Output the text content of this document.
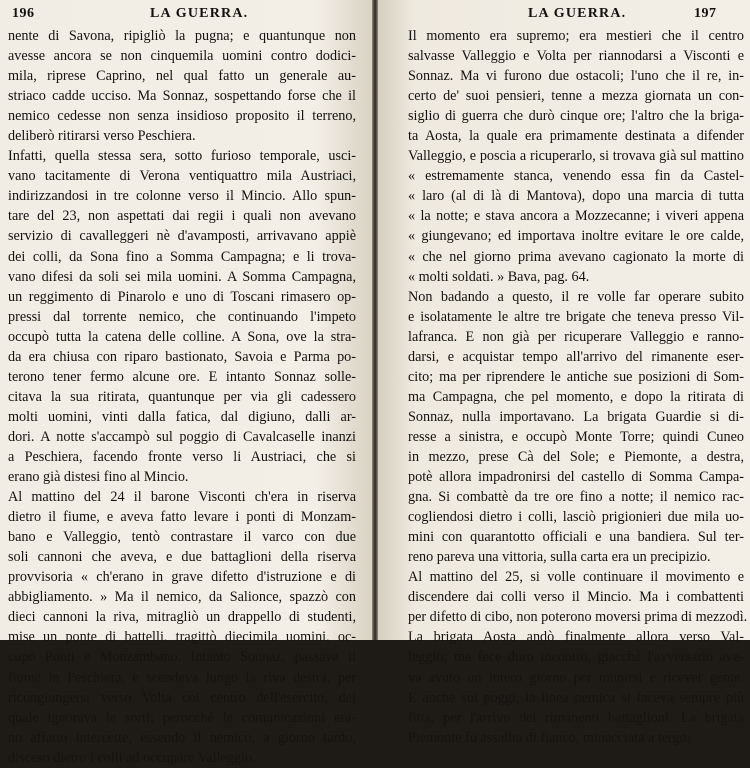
196	LA GUERRA.
nente di Savona, ripigliò la pugna; e quantunque non
avesse ancora se non cinquemila uomini contro dodici-
mila, riprese Caprino, nel qual fatto un generale au-
striaco cadde ucciso. Ma Sonnaz, sospettando forse che il
nemico cedesse non senza insidioso proposito il terreno,
deliberò ritirarsi verso Peschiera.
Infatti, quella stessa sera, sotto furioso temporale, usci-
vano tacitamente di Verona ventiquattro mila Austriaci,
indirizzandosi in tre colonne verso il Mincio. Allo spun-
tare del 23, non aspettati dai regii i quali non avevano
servizio di cavalleggeri nè d'avamposti, arrivavano appiè
dei colli, da Sona fino a Somma Campagna; e li trova-
vano difesi da soli sei mila uomini. A Somma Campagna,
un reggimento di Pinarolo e uno di Toscani rimasero op-
pressi dal torrente nemico, che continuando l'impeto
occupò tutta la catena delle colline. A Sona, ove la stra-
da era chiusa con riparo bastionato, Savoia e Parma po-
terono tener fermo alcune ore. E intanto Sonnaz solle-
citava la sua ritirata, quantunque per via gli cadessero
molti uomini, vinti dalla fatica, dal digiuno, dalli ar-
dori. A notte s'accampò sul poggio di Cavalcaselle inanzi
a Peschiera, facendo fronte verso li Austriaci, che si
erano già distesi fino al Mincio.
Al mattino del 24 il barone Visconti ch'era in riserva
dietro il fiume, e aveva fatto levare i ponti di Monzam-
bano e Valleggio, tentò contrastare il varco con due
soli cannoni che aveva, e due battaglioni della riserva
provvisoria « ch'erano in grave difetto d'istruzione e di
abbigliamento. » Ma il nemico, da Salionce, spazzò con
dieci cannoni la riva, mitragliò un drappello di studenti,
mise un ponte di battelli, tragittò diecimila uomini, oc-
cupò Ponti e Monzambano. Intanto Sonnaz, passava il
fiume in Peschiera, e scendeva lungo la riva destra, per
ricongiungersi verso Volta col centro dell'esercito, del
quale ignorava le sorti; perocchè le comunicazioni era-
no affatto intercette, essendo il nemico, a giorno tardo,
disceso dietro i colli ad occupare Valleggio.
LA GUERRA.	197
Il momento era supremo; era mestieri che il centro
salvasse Valleggio e Volta per riannodarsi a Visconti e
Sonnaz. Ma vi furono due ostacoli; l'uno che il re, in-
certo de' suoi pensieri, tenne a mezza giornata un con-
siglio di guerra che durò cinque ore; l'altro che la briga-
ta Aosta, la quale era primamente destinata a difender
Valleggio, e poscia a ricuperarlo, si trovava già sul mattino
« estremamente stanca, venendo essa fin da Castel-
« laro (al di là di Mantova), dopo una marcia di tutta
« la notte; e stava ancora a Mozzecanne; i viveri appena
« giungevano; ed importava inoltre evitare le ore calde,
« che nel giorno prima avevano cagionato la morte di
« molti soldati. » Bava, pag. 64.
Non badando a questo, il re volle far operare subito
e isolatamente le altre tre brigate che teneva presso Vil-
lafranca. E non già per ricuperare Valleggio e ranno-
darsi, e acquistar tempo all'arrivo del rimanente eser-
cito; ma per riprendere le antiche sue posizioni di Som-
ma Campagna, che pel momento, e dopo la ritirata di
Sonnaz, nulla importavano. La brigata Guardie si di-
resse a sinistra, e occupò Monte Torre; quindi Cuneo
in mezzo, prese Cà del Sole; e Piemonte, a destra,
potè allora impadronirsi del castello di Somma Campa-
gna. Si combattè da tre ore fino a notte; il nemico rac-
cogliendosi dietro i colli, lasciò prigionieri due mila uo-
mini con quarantotto officiali e una bandiera. Sul ter-
reno pareva una vittoria, sulla carta era un precipizio.
Al mattino del 25, si volle continuare il movimento e
discendere dai colli verso il Mincio. Ma i combattenti
per difetto di cibo, non poterono moversi prima di mezzodì.
La brigata Aosta andò finalmente allora verso Val-
leggio; ma fece duro incontro, giacchè l'avversario ave-
va avuto un intero giorno per munirsi e ricever gente.
E anche sui poggi, la linea nemica si faceva sempre più
fitta, per l'arrivo dei rimanenti battaglioni. La brigata
Piemonte fu assalita di fianco, minacciata a tergo.
